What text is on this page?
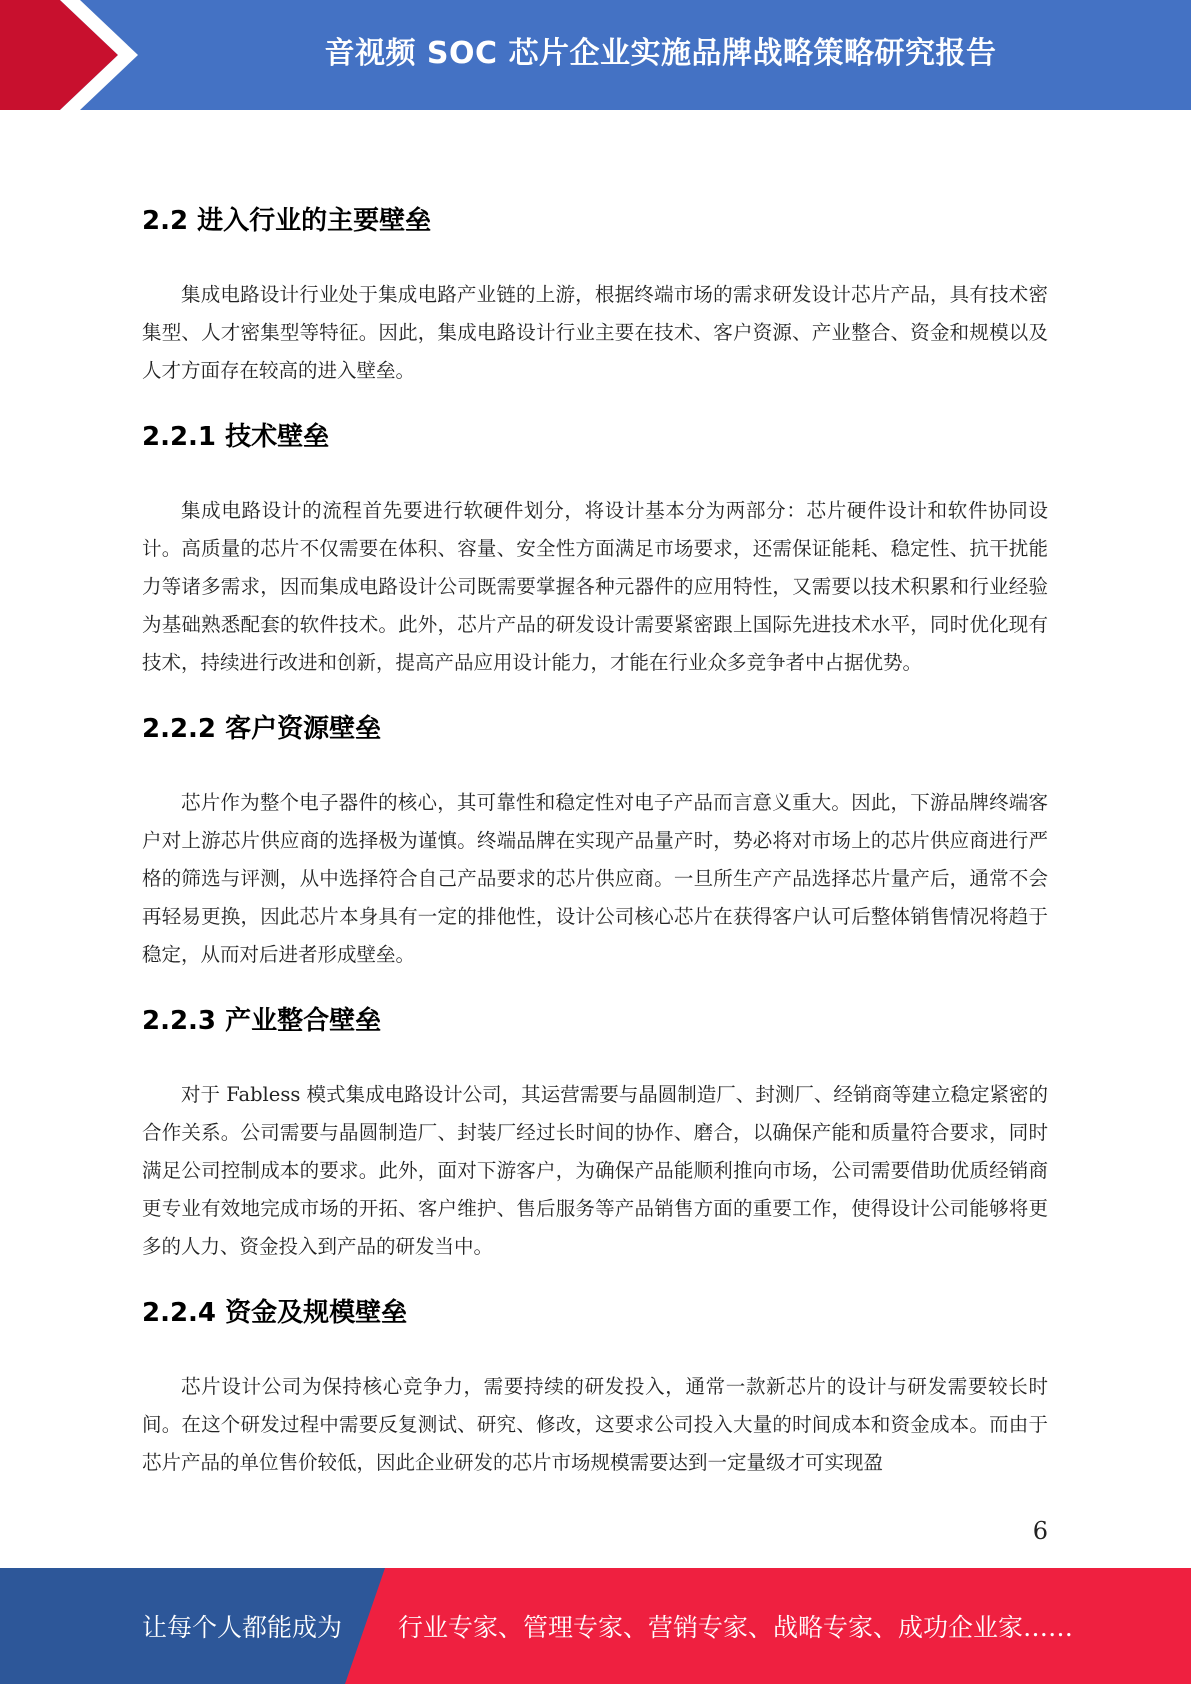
音视频 SOC 芯片企业实施品牌战略策略研究报告
2.2 进入行业的主要壁垒

集成电路设计行业处于集成电路产业链的上游，根据终端市场的需求研发设计芯片产品，具有技术密集型、人才密集型等特征。因此，集成电路设计行业主要在技术、客户资源、产业整合、资金和规模以及人才方面存在较高的进入壁垒。

2.2.1 技术壁垒

集成电路设计的流程首先要进行软硬件划分，将设计基本分为两部分：芯片硬件设计和软件协同设计。高质量的芯片不仅需要在体积、容量、安全性方面满足市场要求，还需保证能耗、稳定性、抗干扰能力等诸多需求，因而集成电路设计公司既需要掌握各种元器件的应用特性，又需要以技术积累和行业经验为基础熟悉配套的软件技术。此外，芯片产品的研发设计需要紧密跟上国际先进技术水平，同时优化现有技术，持续进行改进和创新，提高产品应用设计能力，才能在行业众多竞争者中占据优势。

2.2.2 客户资源壁垒

芯片作为整个电子器件的核心，其可靠性和稳定性对电子产品而言意义重大。因此，下游品牌终端客户对上游芯片供应商的选择极为谨慎。终端品牌在实现产品量产时，势必将对市场上的芯片供应商进行严格的筛选与评测，从中选择符合自己产品要求的芯片供应商。一旦所生产产品选择芯片量产后，通常不会再轻易更换，因此芯片本身具有一定的排他性，设计公司核心芯片在获得客户认可后整体销售情况将趋于稳定，从而对后进者形成壁垒。

2.2.3 产业整合壁垒

对于 Fabless 模式集成电路设计公司，其运营需要与晶圆制造厂、封测厂、经销商等建立稳定紧密的合作关系。公司需要与晶圆制造厂、封装厂经过长时间的协作、磨合，以确保产能和质量符合要求，同时满足公司控制成本的要求。此外，面对下游客户，为确保产品能顺利推向市场，公司需要借助优质经销商更专业有效地完成市场的开拓、客户维护、售后服务等产品销售方面的重要工作，使得设计公司能够将更多的人力、资金投入到产品的研发当中。

2.2.4 资金及规模壁垒

芯片设计公司为保持核心竞争力，需要持续的研发投入，通常一款新芯片的设计与研发需要较长时间。在这个研发过程中需要反复测试、研究、修改，这要求公司投入大量的时间成本和资金成本。而由于芯片产品的单位售价较低，因此企业研发的芯片市场规模需要达到一定量级才可实现盈

6
让每个人都能成为 行业专家、管理专家、营销专家、战略专家、成功企业家……
